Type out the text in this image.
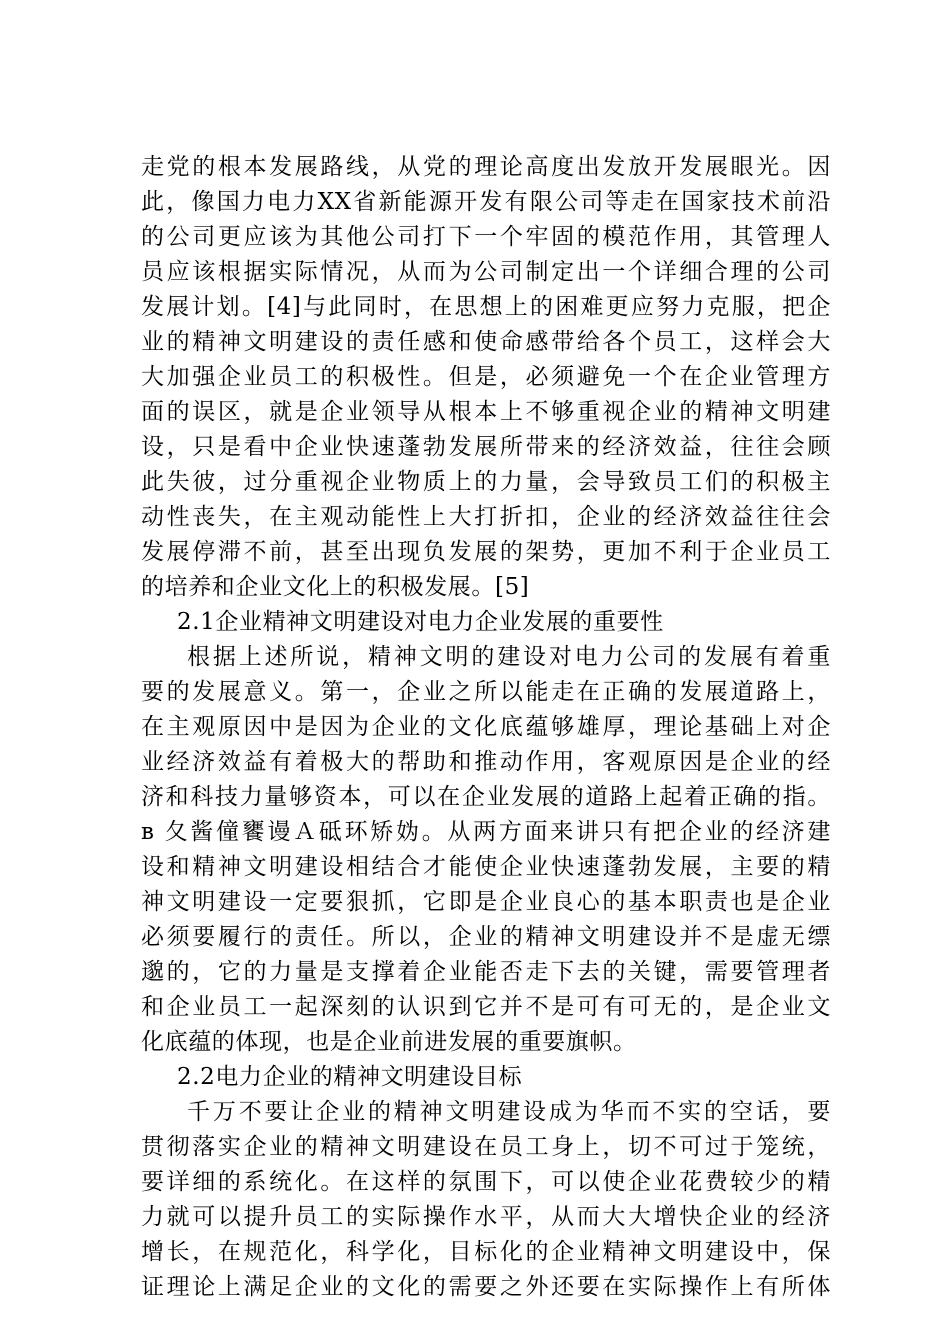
走党的根本发展路线，从党的理论高度出发放开发展眼光。因
此，像国力电力XX省新能源开发有限公司等走在国家技术前沿
的公司更应该为其他公司打下一个牢固的模范作用，其管理人
员应该根据实际情况，从而为公司制定出一个详细合理的公司
发展计划。[4]与此同时，在思想上的困难更应努力克服，把企
业的精神文明建设的责任感和使命感带给各个员工，这样会大
大加强企业员工的积极性。但是，必须避免一个在企业管理方
面的误区，就是企业领导从根本上不够重视企业的精神文明建
设，只是看中企业快速蓬勃发展所带来的经济效益，往往会顾
此失彼，过分重视企业物质上的力量，会导致员工们的积极主
动性丧失，在主观动能性上大打折扣，企业的经济效益往往会
发展停滞不前，甚至出现负发展的架势，更加不利于企业员工
的培养和企业文化上的积极发展。[5]
2.1企业精神文明建设对电力企业发展的重要性
根据上述所说，精神文明的建设对电力公司的发展有着重
要的发展意义。第一，企业之所以能走在正确的发展道路上，
在主观原因中是因为企业的文化底蕴够雄厚，理论基础上对企
业经济效益有着极大的帮助和推动作用，客观原因是企业的经
济和科技力量够资本，可以在企业发展的道路上起着正确的指。
ʙ 夂酱僮饔谩Ａ砥环矫妫。从两方面来讲只有把企业的经济建
设和精神文明建设相结合才能使企业快速蓬勃发展，主要的精
神文明建设一定要狠抓，它即是企业良心的基本职责也是企业
必须要履行的责任。所以，企业的精神文明建设并不是虚无缥
邈的，它的力量是支撑着企业能否走下去的关键，需要管理者
和企业员工一起深刻的认识到它并不是可有可无的，是企业文
化底蕴的体现，也是企业前进发展的重要旗帜。
2.2电力企业的精神文明建设目标
千万不要让企业的精神文明建设成为华而不实的空话，要
贯彻落实企业的精神文明建设在员工身上，切不可过于笼统，
要详细的系统化。在这样的氛围下，可以使企业花费较少的精
力就可以提升员工的实际操作水平，从而大大增快企业的经济
增长，在规范化，科学化，目标化的企业精神文明建设中，保
证理论上满足企业的文化的需要之外还要在实际操作上有所体
